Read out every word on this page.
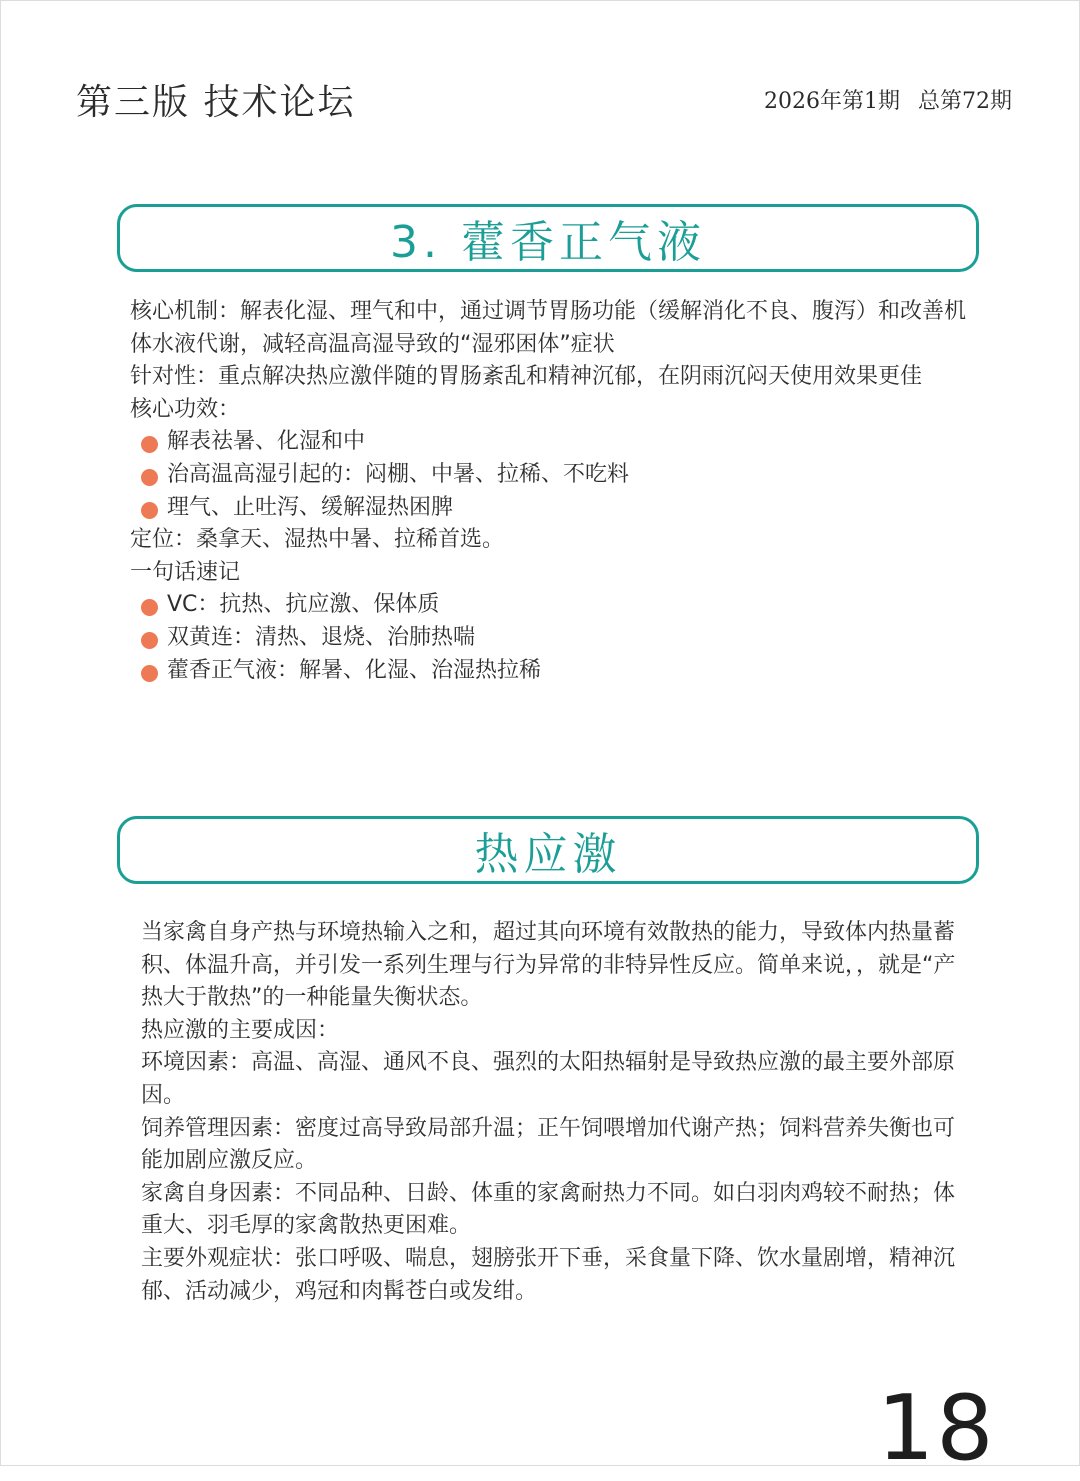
第三版 技术论坛	2026年第1期 总第72期
3. 藿香正气液

核心机制：解表化湿、理气和中，通过调节胃肠功能（缓解消化不良、腹泻）和改善机体水液代谢，减轻高温高湿导致的“湿邪困体”症状

针对性：重点解决热应激伴随的胃肠紊乱和精神沉郁，在阴雨沉闷天使用效果更佳

核心功效：

解表祛暑、化湿和中
治高温高湿引起的：闷棚、中暑、拉稀、不吃料
理气、止吐泻、缓解湿热困脾

定位：桑拿天、湿热中暑、拉稀首选。

一句话速记

VC：抗热、抗应激、保体质
双黄连：清热、退烧、治肺热喘
藿香正气液：解暑、化湿、治湿热拉稀
热应激

当家禽自身产热与环境热输入之和，超过其向环境有效散热的能力，导致体内热量蓄积、体温升高，并引发一系列生理与行为异常的非特异性反应。简单来说，，就是“产热大于散热”的一种能量失衡状态。

热应激的主要成因：

环境因素：高温、高湿、通风不良、强烈的太阳热辐射是导致热应激的最主要外部原因。

饲养管理因素：密度过高导致局部升温；正午饲喂增加代谢产热；饲料营养失衡也可能加剧应激反应。

家禽自身因素：不同品种、日龄、体重的家禽耐热力不同。如白羽肉鸡较不耐热；体重大、羽毛厚的家禽散热更困难。

主要外观症状：张口呼吸、喘息，翅膀张开下垂，采食量下降、饮水量剧增，精神沉郁、活动减少，鸡冠和肉髯苍白或发绀。

18
